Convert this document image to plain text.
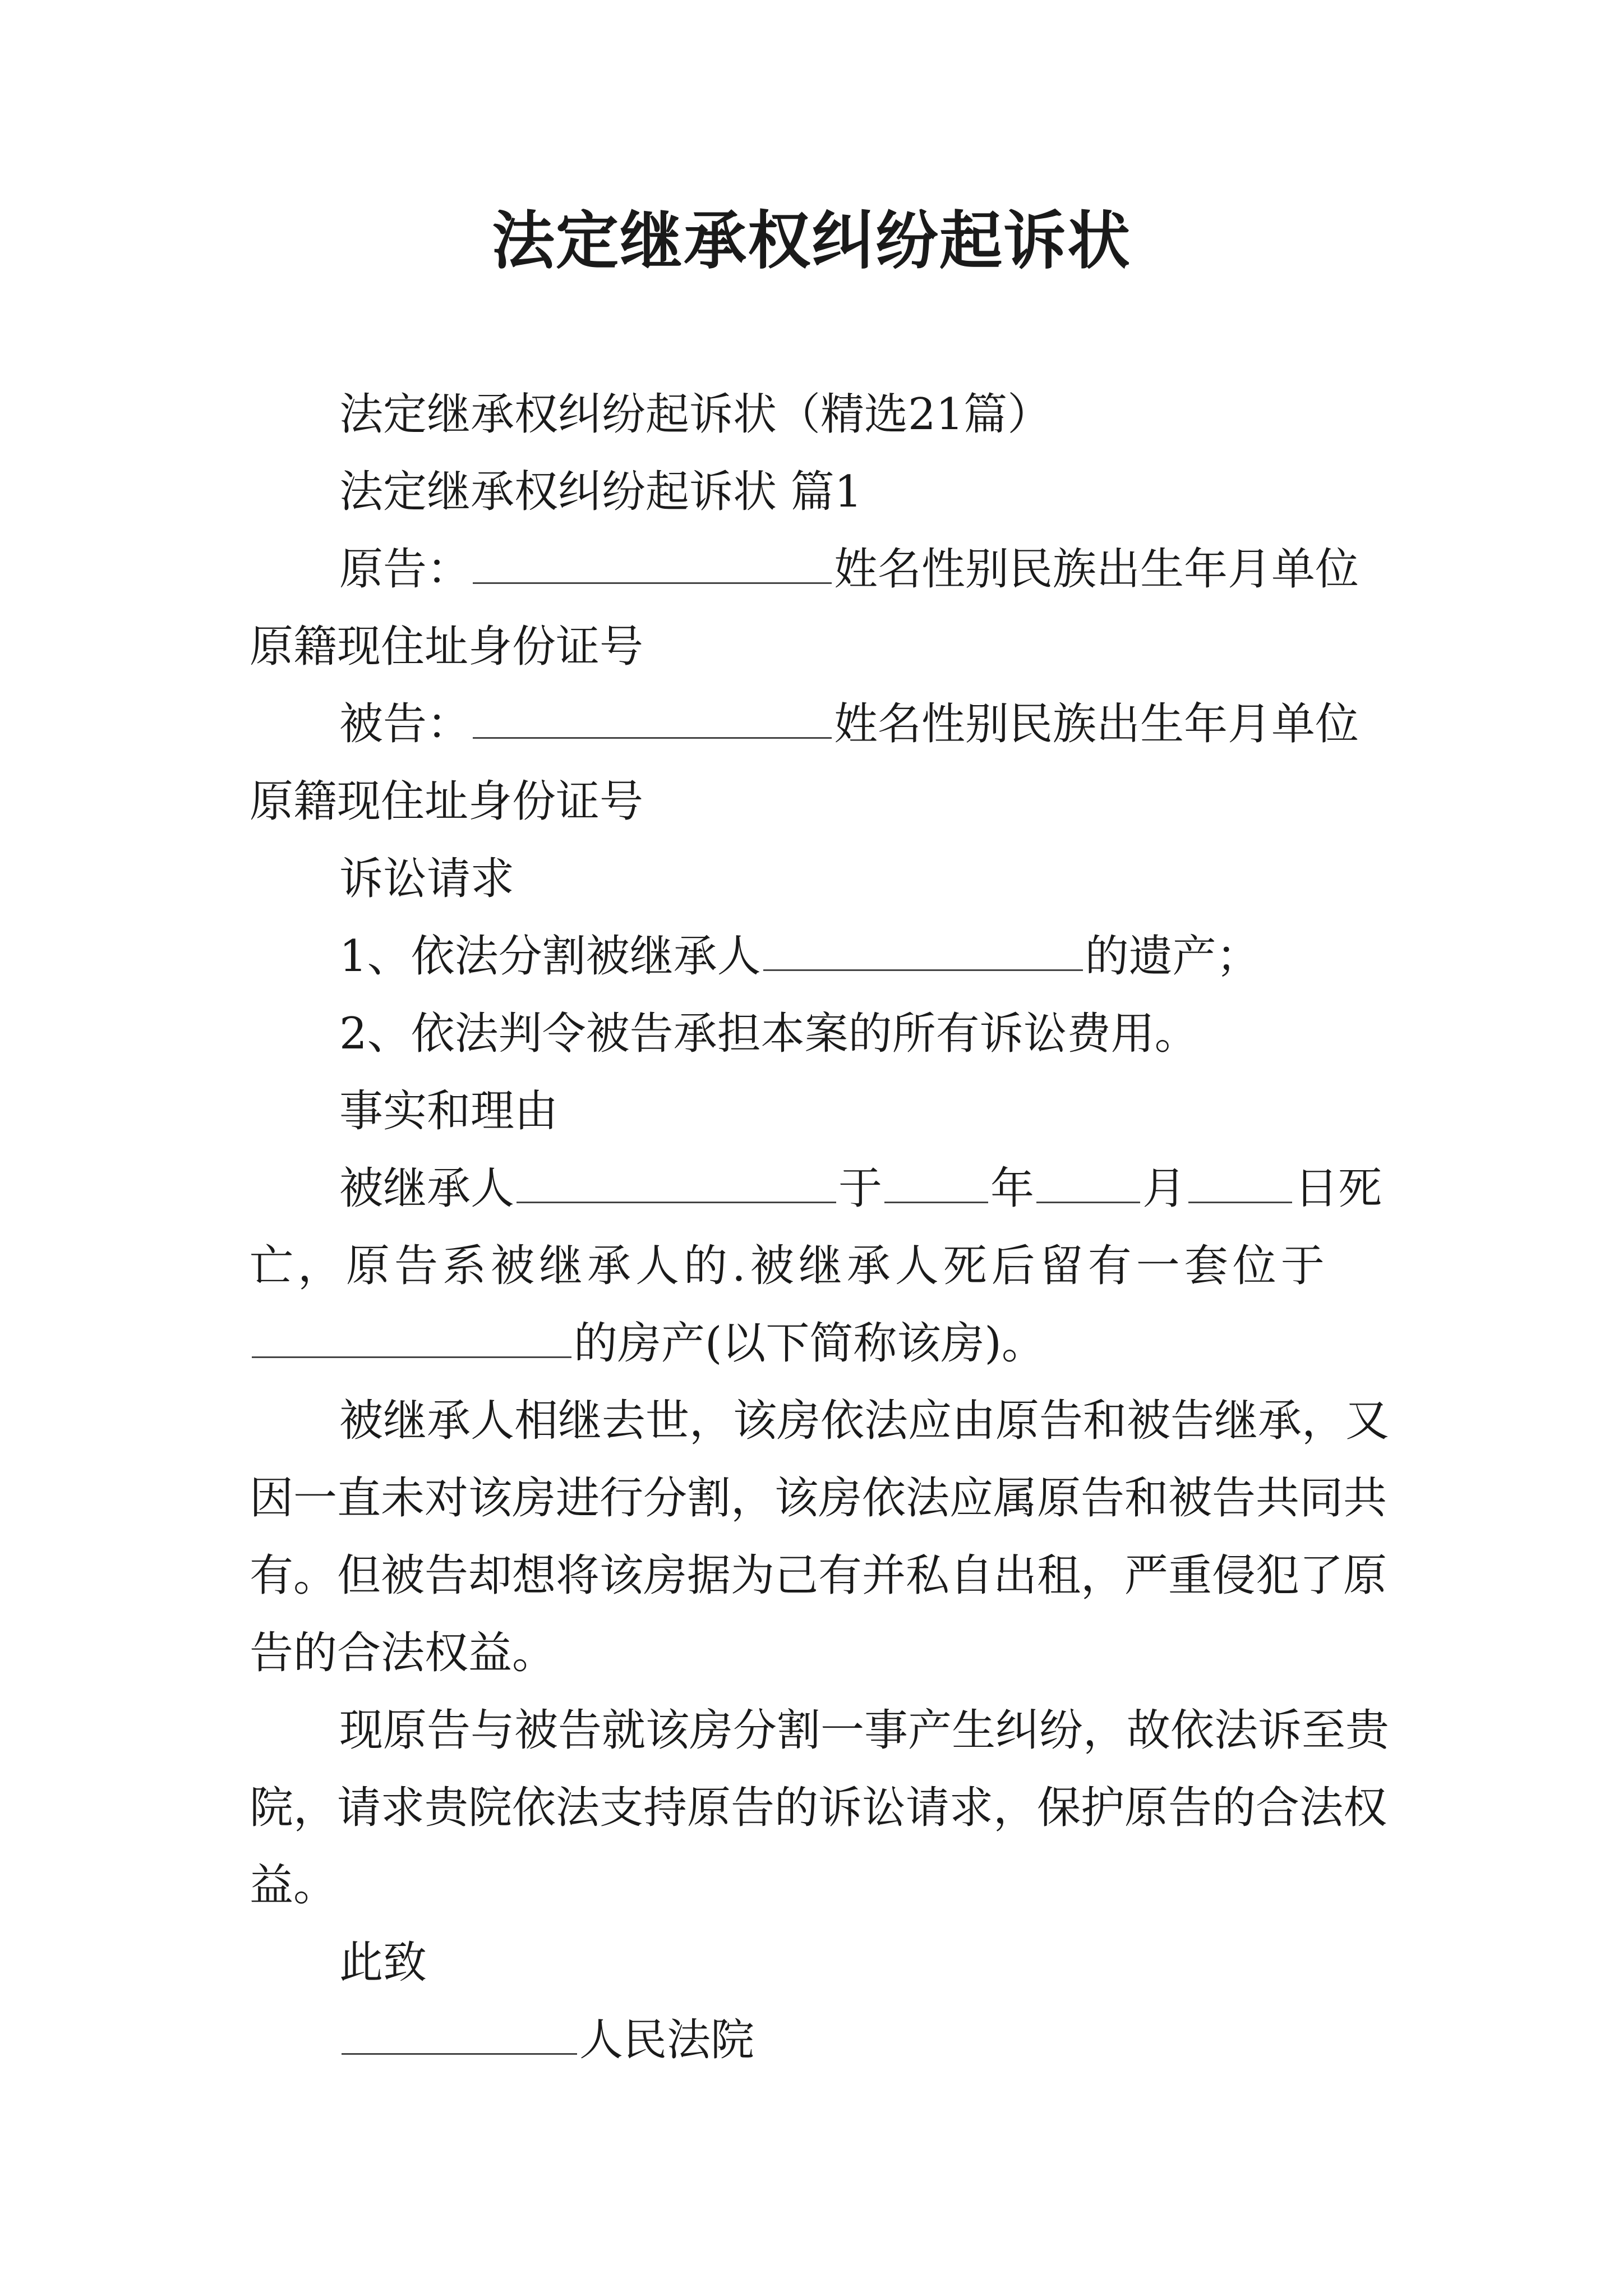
法定继承权纠纷起诉状

法定继承权纠纷起诉状（精选21篇）

法定继承权纠纷起诉状 篇1

原告：	姓名性别民族出生年月单位

原籍现住址身份证号

被告：	姓名性别民族出生年月单位

原籍现住址身份证号

诉讼请求

1、依法分割被继承人	的遗产；

2、依法判令被告承担本案的所有诉讼费用。

事实和理由

被继承人	于 年 月 日死

亡，原告系被继承人的.被继承人死后留有一套位于

的房产(以下简称该房)。

被继承人相继去世，该房依法应由原告和被告继承，又因一直未对该房进行分割，该房依法应属原告和被告共同共有。但被告却想将该房据为己有并私自出租，严重侵犯了原告的合法权益。

现原告与被告就该房分割一事产生纠纷，故依法诉至贵院，请求贵院依法支持原告的诉讼请求，保护原告的合法权益。

此致

人民法院
